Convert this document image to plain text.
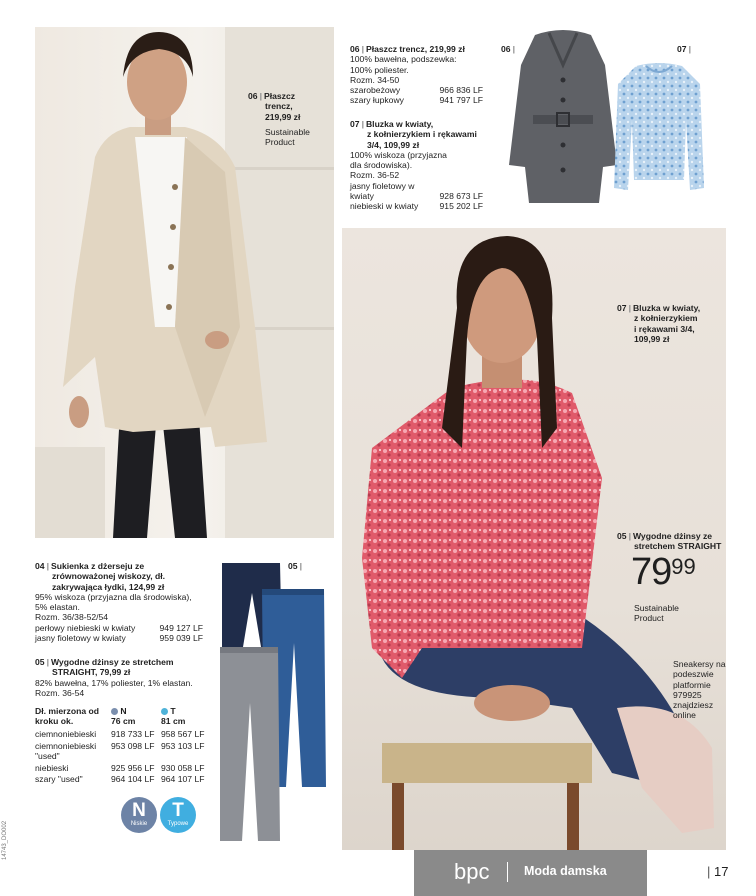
06 | Płaszcz
trencz,
219,99 zł
Sustainable
Product
06 | Płaszcz trencz, 219,99 zł
100% bawełna, podszewka:
100% poliester.
Rozm. 34-50
szarobeżowy	966 836 LF
szary łupkowy	941 797 LF
07 | Bluzka w kwiaty,
z kołnierzykiem i rękawami
3/4, 109,99 zł
100% wiskoza (przyjazna
dla środowiska).
Rozm. 36-52
jasny fioletowy w
kwiaty	928 673 LF
niebieski w kwiaty 915 202 LF
06 |	07 |
07 | Bluzka w kwiaty,
z kołnierzykiem
i rękawami 3/4,
109,99 zł
05 | Wygodne dżinsy ze
stretchem STRAIGHT
7999
Sustainable
Product
Sneakersy na
podeszwie
platformie
979925
znajdziesz
online
04 | Sukienka z dżerseju ze
zrównoważonej wiskozy, dł.
zakrywająca łydki, 124,99 zł
95% wiskoza (przyjazna dla środowiska),
5% elastan.
Rozm. 36/38-52/54
perłowy niebieski w kwiaty	949 127 LF
jasny fioletowy w kwiaty	959 039 LF
05 | Wygodne dżinsy ze stretchem
STRAIGHT, 79,99 zł
82% bawełna, 17% poliester, 1% elastan.
Rozm. 36-54
Dł. mierzona od
kroku ok.
N
76 cm
T
81 cm
ciemnoniebieski	918 733 LF 958 567 LF
ciemnoniebieski
"used"
953 098 LF 953 103 LF
niebieski	925 956 LF 930 058 LF
szary "used"	964 104 LF 964 107 LF
N
Niskie
T
Typowe
05 |
bpc	Moda damska	| 17
14743_DO002
